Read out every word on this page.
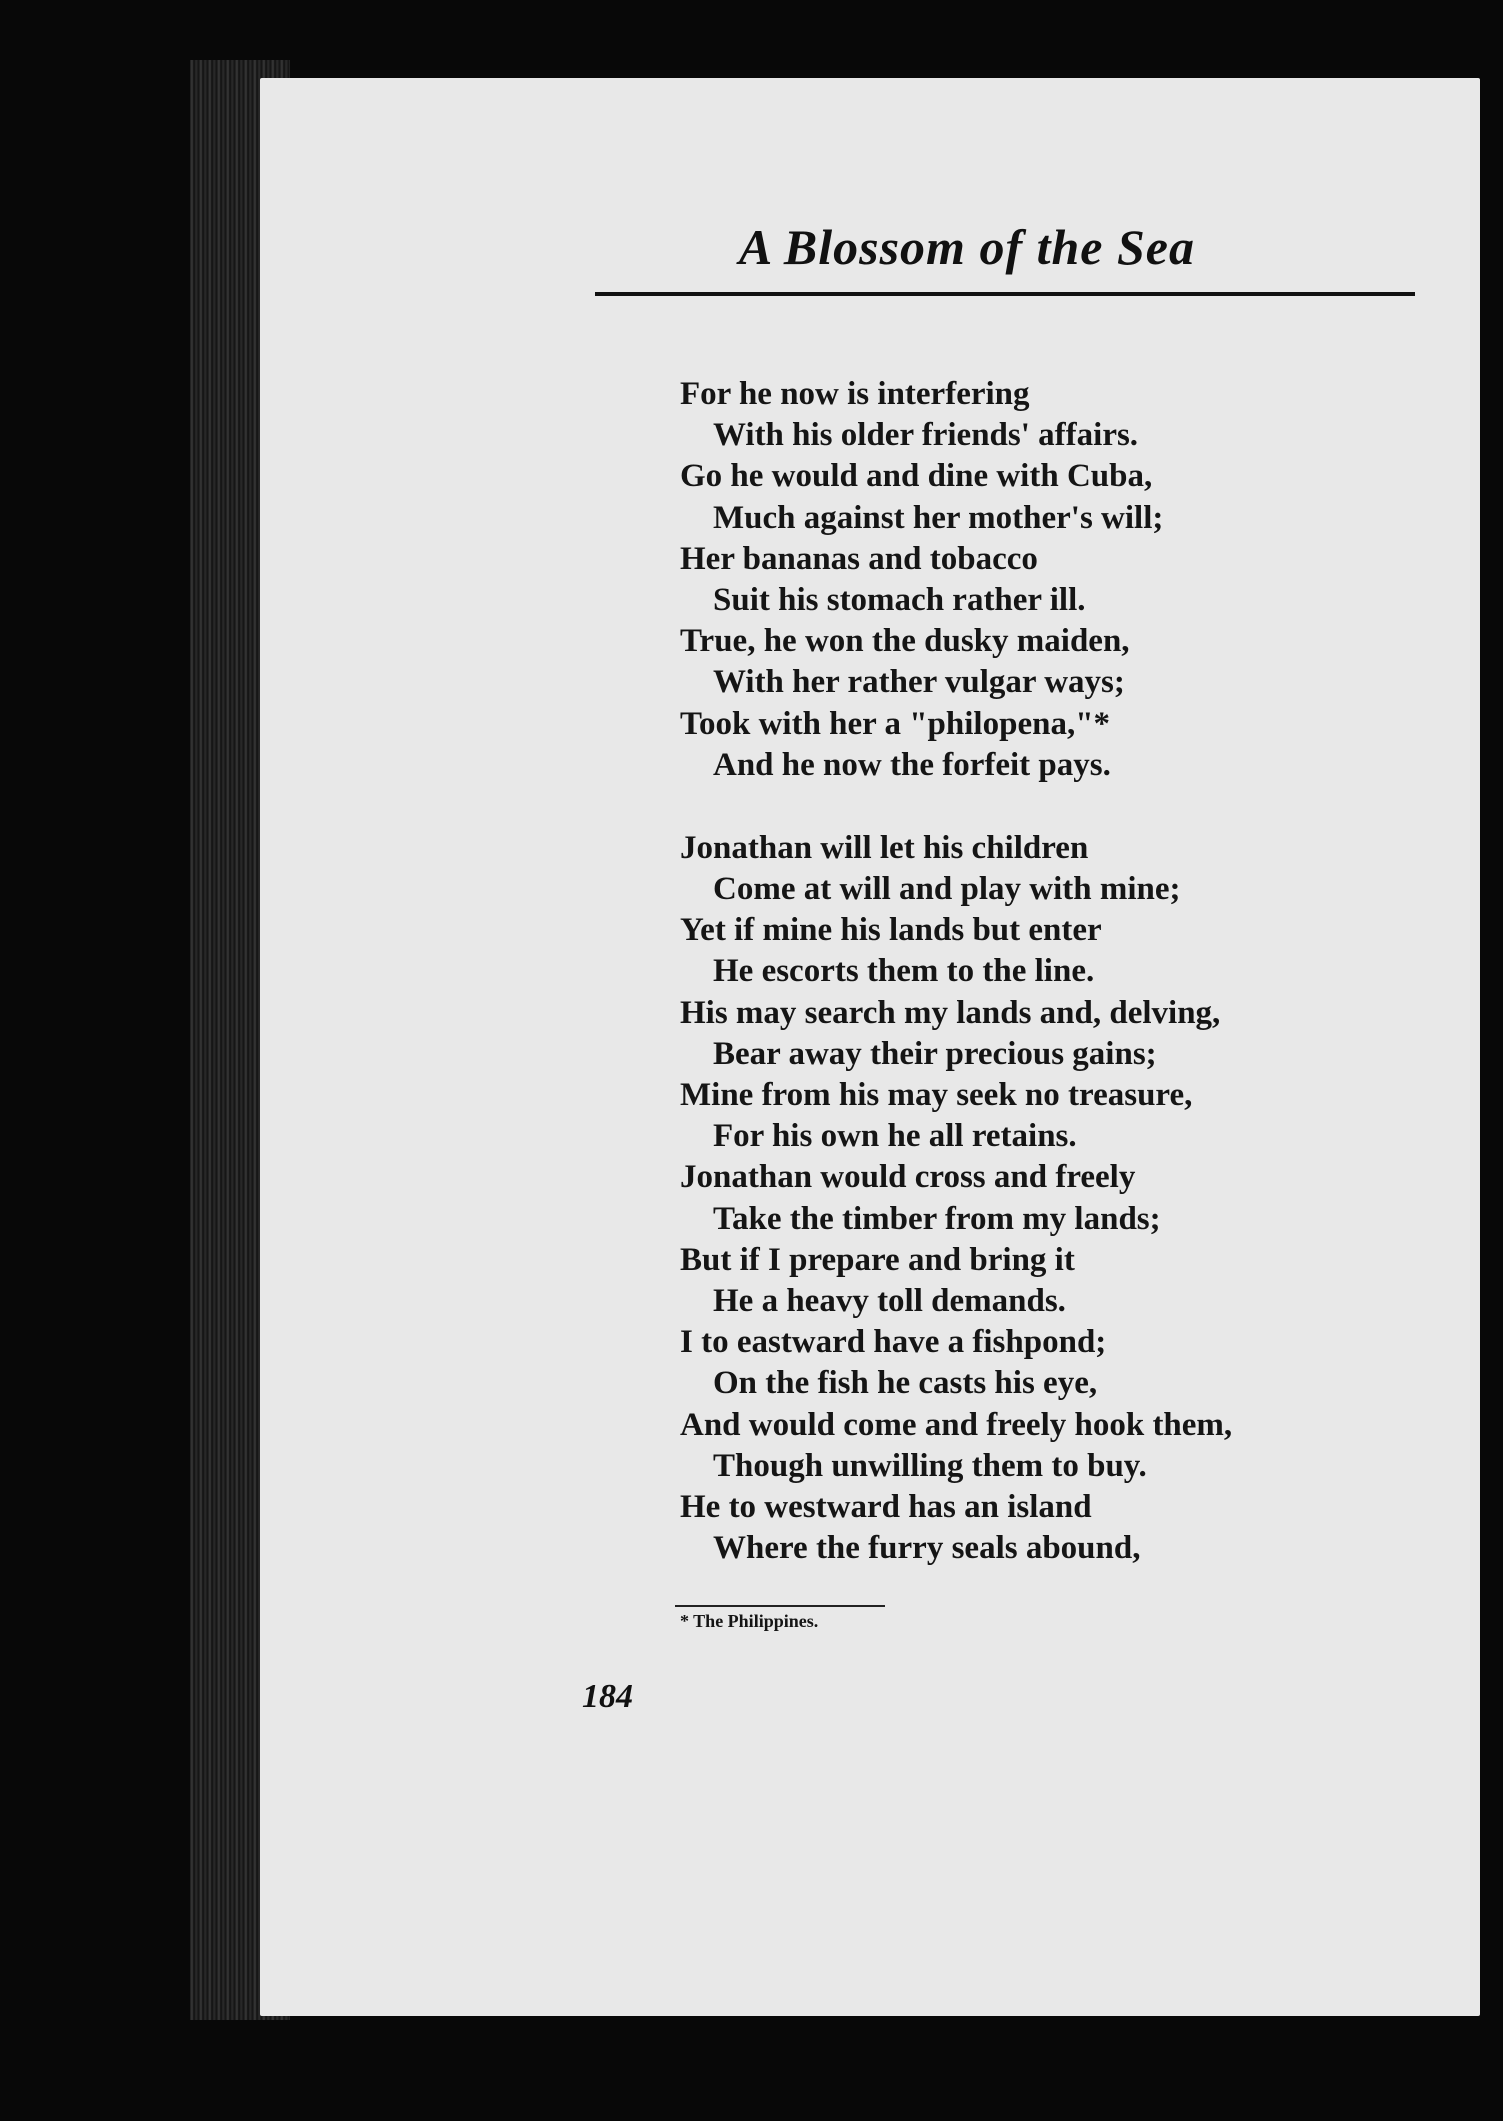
A Blossom of the Sea
For he now is interfering
With his older friends' affairs.
Go he would and dine with Cuba,
Much against her mother's will;
Her bananas and tobacco
Suit his stomach rather ill.
True, he won the dusky maiden,
With her rather vulgar ways;
Took with her a "philopena,"*
And he now the forfeit pays.
Jonathan will let his children
Come at will and play with mine;
Yet if mine his lands but enter
He escorts them to the line.
His may search my lands and, delving,
Bear away their precious gains;
Mine from his may seek no treasure,
For his own he all retains.
Jonathan would cross and freely
Take the timber from my lands;
But if I prepare and bring it
He a heavy toll demands.
I to eastward have a fishpond;
On the fish he casts his eye,
And would come and freely hook them,
Though unwilling them to buy.
He to westward has an island
Where the furry seals abound,
* The Philippines.
184
